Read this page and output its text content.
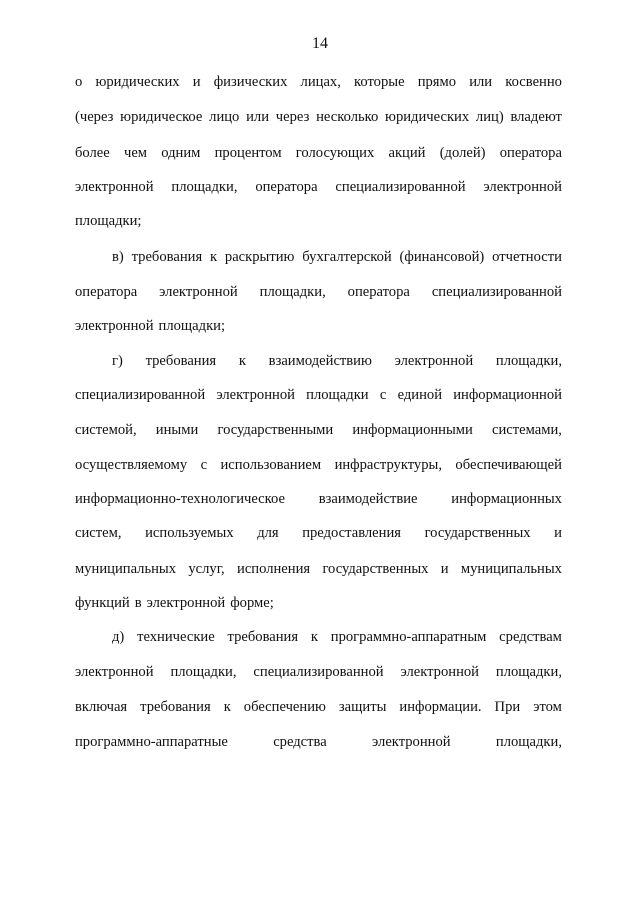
14
о юридических и физических лицах, которые прямо или косвенно
(через юридическое лицо или через несколько юридических лиц) владеют
более чем одним процентом голосующих акций (долей) оператора
электронной площадки, оператора специализированной электронной
площадки;
в) требования к раскрытию бухгалтерской (финансовой) отчетности
оператора электронной площадки, оператора специализированной
электронной площадки;
г) требования к взаимодействию электронной площадки,
специализированной электронной площадки с единой информационной
системой, иными государственными информационными системами,
осуществляемому с использованием инфраструктуры, обеспечивающей
информационно-технологическое взаимодействие информационных
систем, используемых для предоставления государственных и
муниципальных услуг, исполнения государственных и муниципальных
функций в электронной форме;
д) технические требования к программно-аппаратным средствам
электронной площадки, специализированной электронной площадки,
включая требования к обеспечению защиты информации. При этом
программно-аппаратные	средства	электронной	площадки,
